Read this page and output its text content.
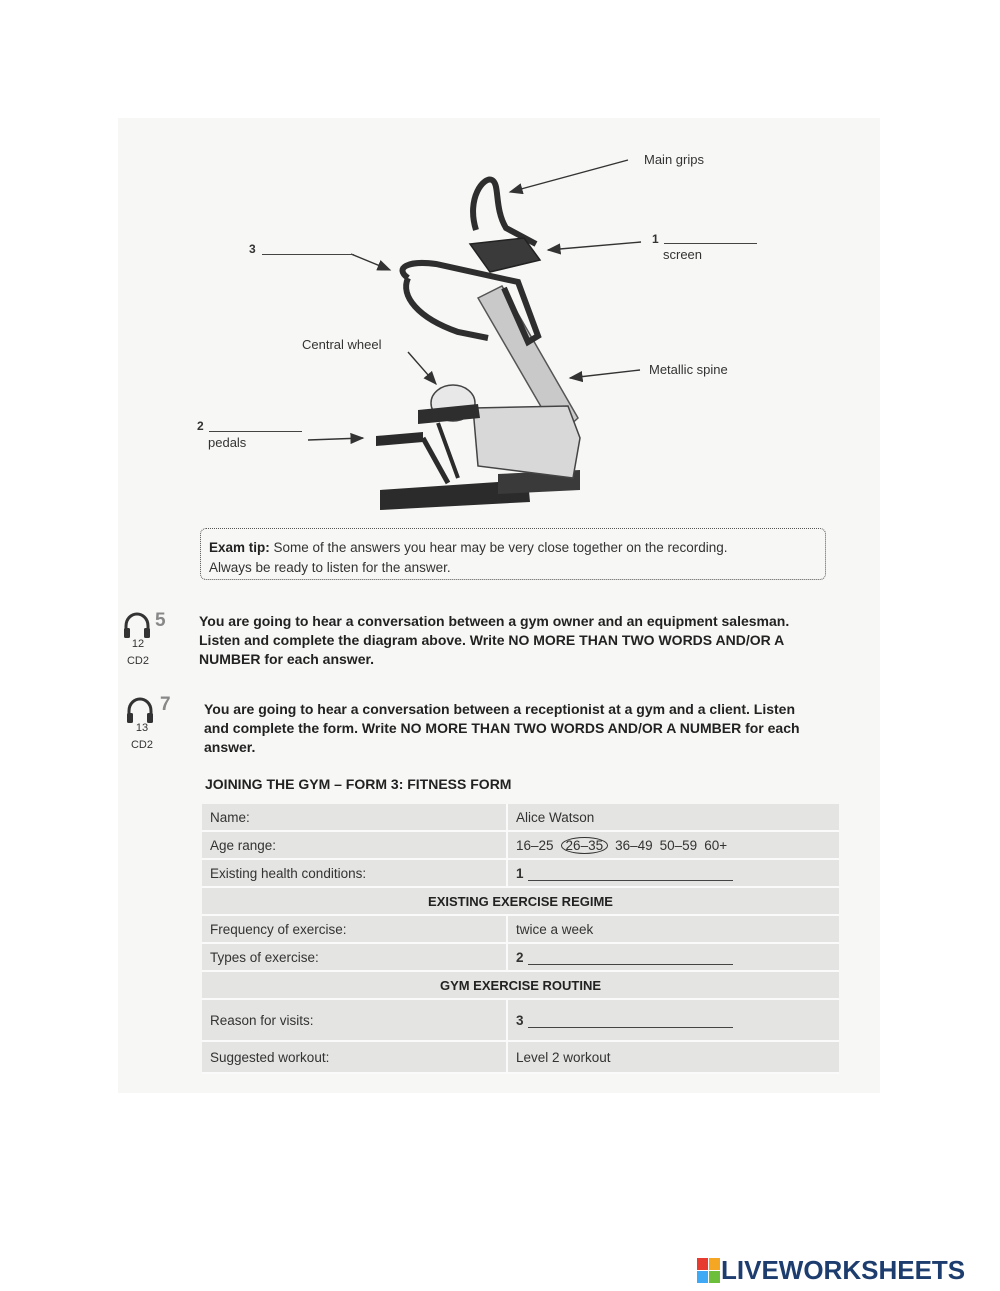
Main grips
1
screen
3
Central wheel
Metallic spine
2
pedals
Exam tip: Some of the answers you hear may be very close together on the recording.
Always be ready to listen for the answer.
5
12
CD2
You are going to hear a conversation between a gym owner and an equipment salesman.
Listen and complete the diagram above. Write NO MORE THAN TWO WORDS AND/OR A
NUMBER for each answer.
7
13
CD2
You are going to hear a conversation between a receptionist at a gym and a client. Listen
and complete the form. Write NO MORE THAN TWO WORDS AND/OR A NUMBER for each
answer.
JOINING THE GYM – FORM 3: FITNESS FORM
Name:	Alice Watson
Age range:	16–25 26–35 36–49 50–59 60+
Existing health conditions:	1
EXISTING EXERCISE REGIME	
Frequency of exercise:	twice a week
Types of exercise:	2
GYM EXERCISE ROUTINE	
Reason for visits:	3
Suggested workout:	Level 2 workout
LIVEWORKSHEETS
